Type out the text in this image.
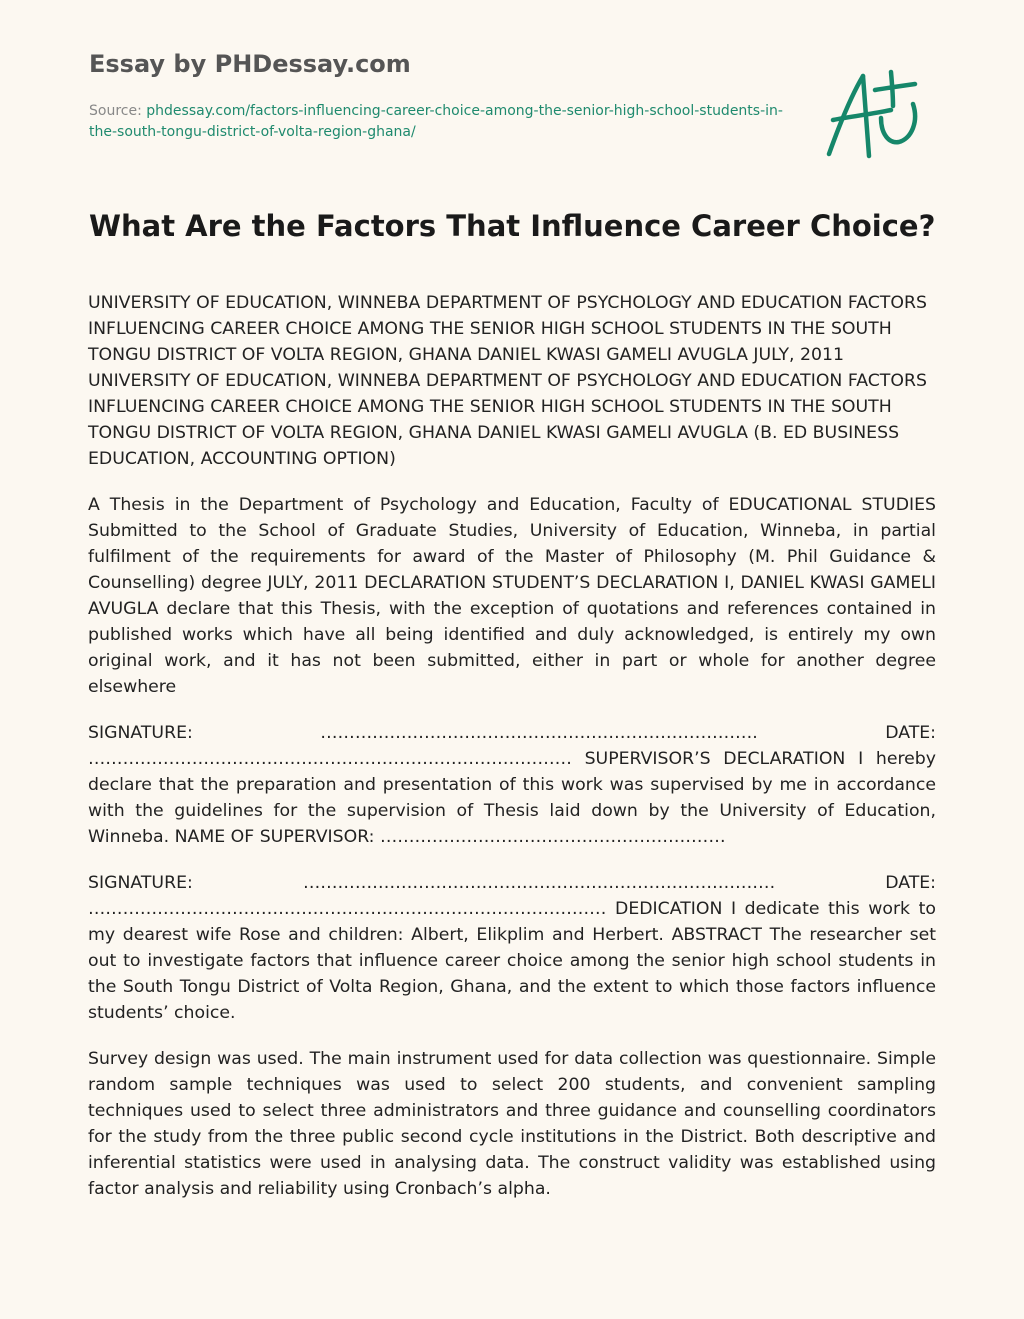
Essay by PHDessay.com
Source: phdessay.com/factors-influencing-career-choice-among-the-senior-high-school-students-in-the-south-tongu-district-of-volta-region-ghana/
What Are the Factors That Influence Career Choice?

UNIVERSITY OF EDUCATION, WINNEBA DEPARTMENT OF PSYCHOLOGY AND EDUCATION FACTORS INFLUENCING CAREER CHOICE AMONG THE SENIOR HIGH SCHOOL STUDENTS IN THE SOUTH TONGU DISTRICT OF VOLTA REGION, GHANA DANIEL KWASI GAMELI AVUGLA JULY, 2011 UNIVERSITY OF EDUCATION, WINNEBA DEPARTMENT OF PSYCHOLOGY AND EDUCATION FACTORS INFLUENCING CAREER CHOICE AMONG THE SENIOR HIGH SCHOOL STUDENTS IN THE SOUTH TONGU DISTRICT OF VOLTA REGION, GHANA DANIEL KWASI GAMELI AVUGLA (B. ED BUSINESS EDUCATION, ACCOUNTING OPTION)

A Thesis in the Department of Psychology and Education, Faculty of EDUCATIONAL STUDIES Submitted to the School of Graduate Studies, University of Education, Winneba, in partial fulfilment of the requirements for award of the Master of Philosophy (M. Phil Guidance & Counselling) degree JULY, 2011 DECLARATION STUDENT’S DECLARATION I, DANIEL KWASI GAMELI AVUGLA declare that this Thesis, with the exception of quotations and references contained in published works which have all being identified and duly acknowledged, is entirely my own original work, and it has not been submitted, either in part or whole for another degree elsewhere

SIGNATURE: …………………………………………………………………. DATE: ………………………………………………………………………… SUPERVISOR’S DECLARATION I hereby declare that the preparation and presentation of this work was supervised by me in accordance with the guidelines for the supervision of Thesis laid down by the University of Education, Winneba. NAME OF SUPERVISOR: ……………………………………………………

SIGNATURE: ………………………………………………………………………. DATE: ……………………………………………………………………………… DEDICATION I dedicate this work to my dearest wife Rose and children: Albert, Elikplim and Herbert. ABSTRACT The researcher set out to investigate factors that influence career choice among the senior high school students in the South Tongu District of Volta Region, Ghana, and the extent to which those factors influence students’ choice.

Survey design was used. The main instrument used for data collection was questionnaire. Simple random sample techniques was used to select 200 students, and convenient sampling techniques used to select three administrators and three guidance and counselling coordinators for the study from the three public second cycle institutions in the District. Both descriptive and inferential statistics were used in analysing data. The construct validity was established using factor analysis and reliability using Cronbach’s alpha.
